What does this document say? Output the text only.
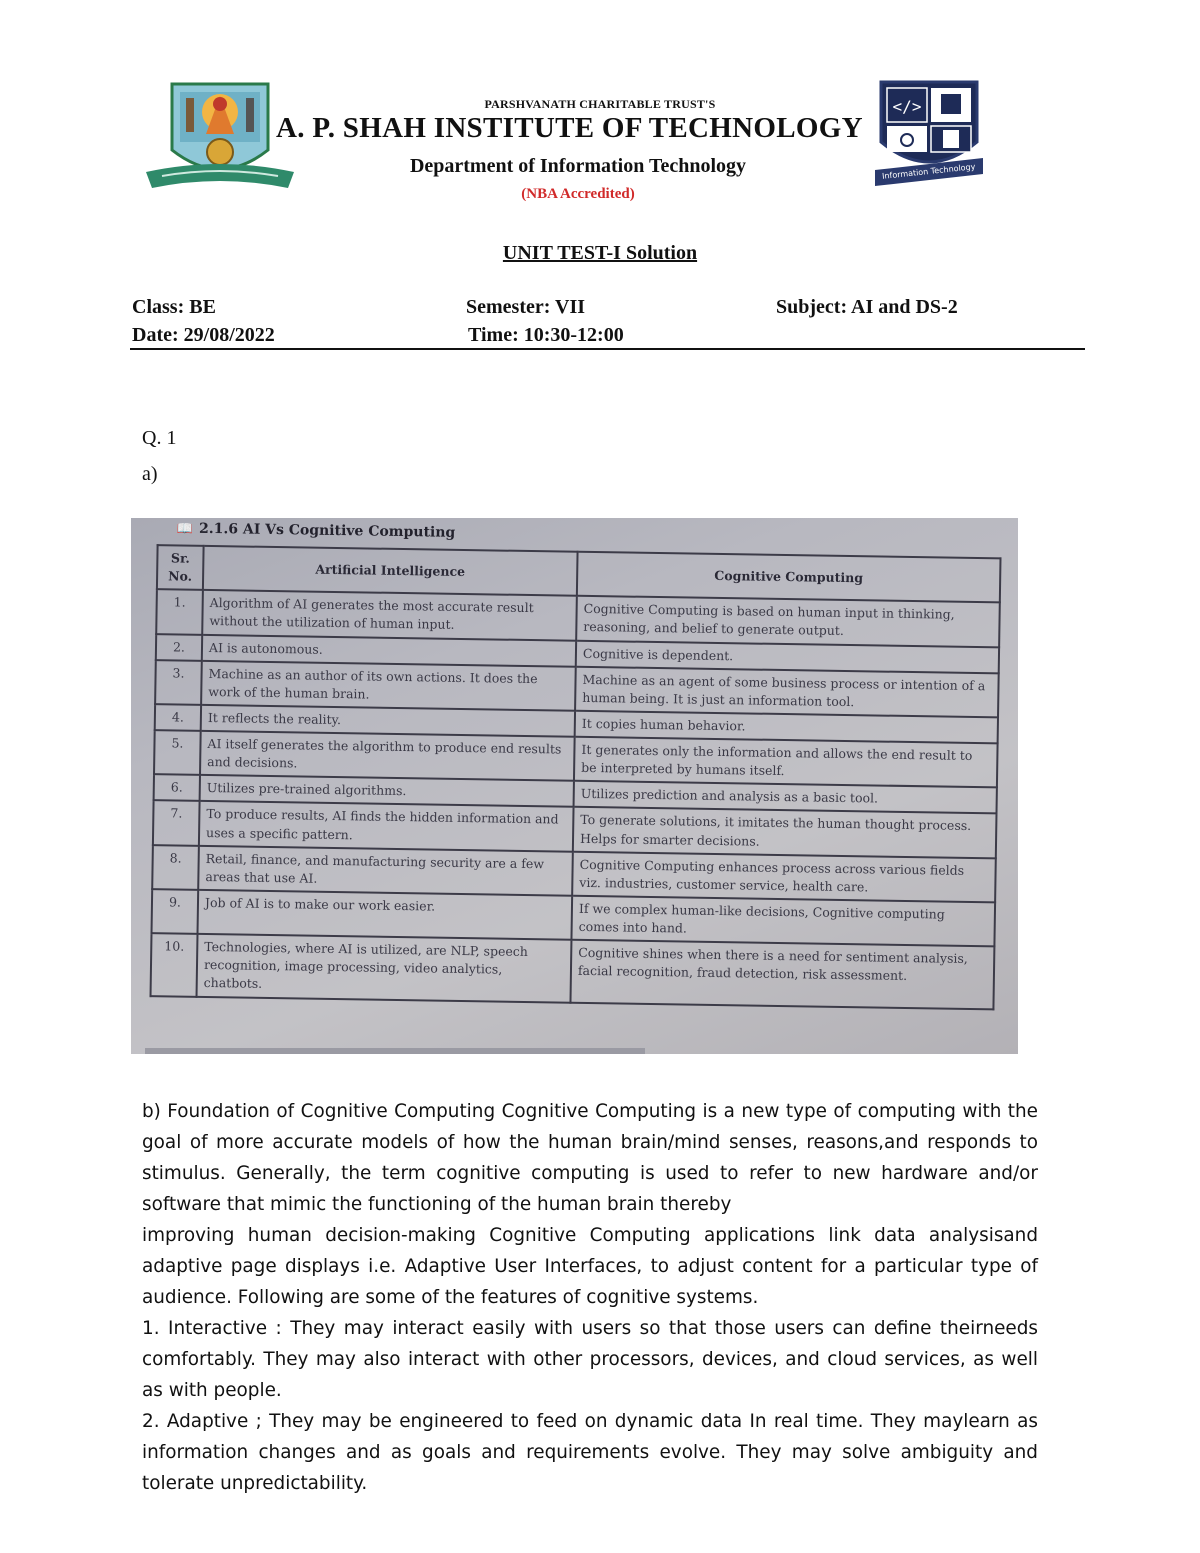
PARSHVANATH CHARITABLE TRUST'S
A. P. SHAH INSTITUTE OF TECHNOLOGY
Department of Information Technology
(NBA Accredited)
</>
Information Technology
UNIT TEST-I Solution
Class: BE	Semester: VII	Subject: AI and DS-2
Date: 29/08/2022	Time: 10:30-12:00
Q. 1
a)
📖 2.1.6 AI Vs Cognitive Computing
Sr. No.	Artificial Intelligence	Cognitive Computing
1.	Algorithm of AI generates the most accurate result without the utilization of human input.	Cognitive Computing is based on human input in thinking, reasoning, and belief to generate output.
2.	AI is autonomous.	Cognitive is dependent.
3.	Machine as an author of its own actions. It does the work of the human brain.	Machine as an agent of some business process or intention of a human being. It is just an information tool.
4.	It reflects the reality.	It copies human behavior.
5.	AI itself generates the algorithm to produce end results and decisions.	It generates only the information and allows the end result to be interpreted by humans itself.
6.	Utilizes pre-trained algorithms.	Utilizes prediction and analysis as a basic tool.
7.	To produce results, AI finds the hidden information and uses a specific pattern.	To generate solutions, it imitates the human thought process. Helps for smarter decisions.
8.	Retail, finance, and manufacturing security are a few areas that use AI.	Cognitive Computing enhances process across various fields viz. industries, customer service, health care.
9.	Job of AI is to make our work easier.	If we complex human-like decisions, Cognitive computing comes into hand.
10.	Technologies, where AI is utilized, are NLP, speech recognition, image processing, video analytics, chatbots.	Cognitive shines when there is a need for sentiment analysis, facial recognition, fraud detection, risk assessment.

b) Foundation of Cognitive Computing Cognitive Computing is a new type of computing with the goal of more accurate models of how the human brain/mind senses, reasons,and responds to stimulus. Generally, the term cognitive computing is used to refer to new hardware and/or software that mimic the functioning of the human brain thereby

improving human decision-making Cognitive Computing applications link data analysisand adaptive page displays i.e. Adaptive User Interfaces, to adjust content for a particular type of audience. Following are some of the features of cognitive systems.

1. Interactive : They may interact easily with users so that those users can define theirneeds comfortably. They may also interact with other processors, devices, and cloud services, as well as with people.

2. Adaptive ; They may be engineered to feed on dynamic data In real time. They maylearn as information changes and as goals and requirements evolve. They may solve ambiguity and tolerate unpredictability.
